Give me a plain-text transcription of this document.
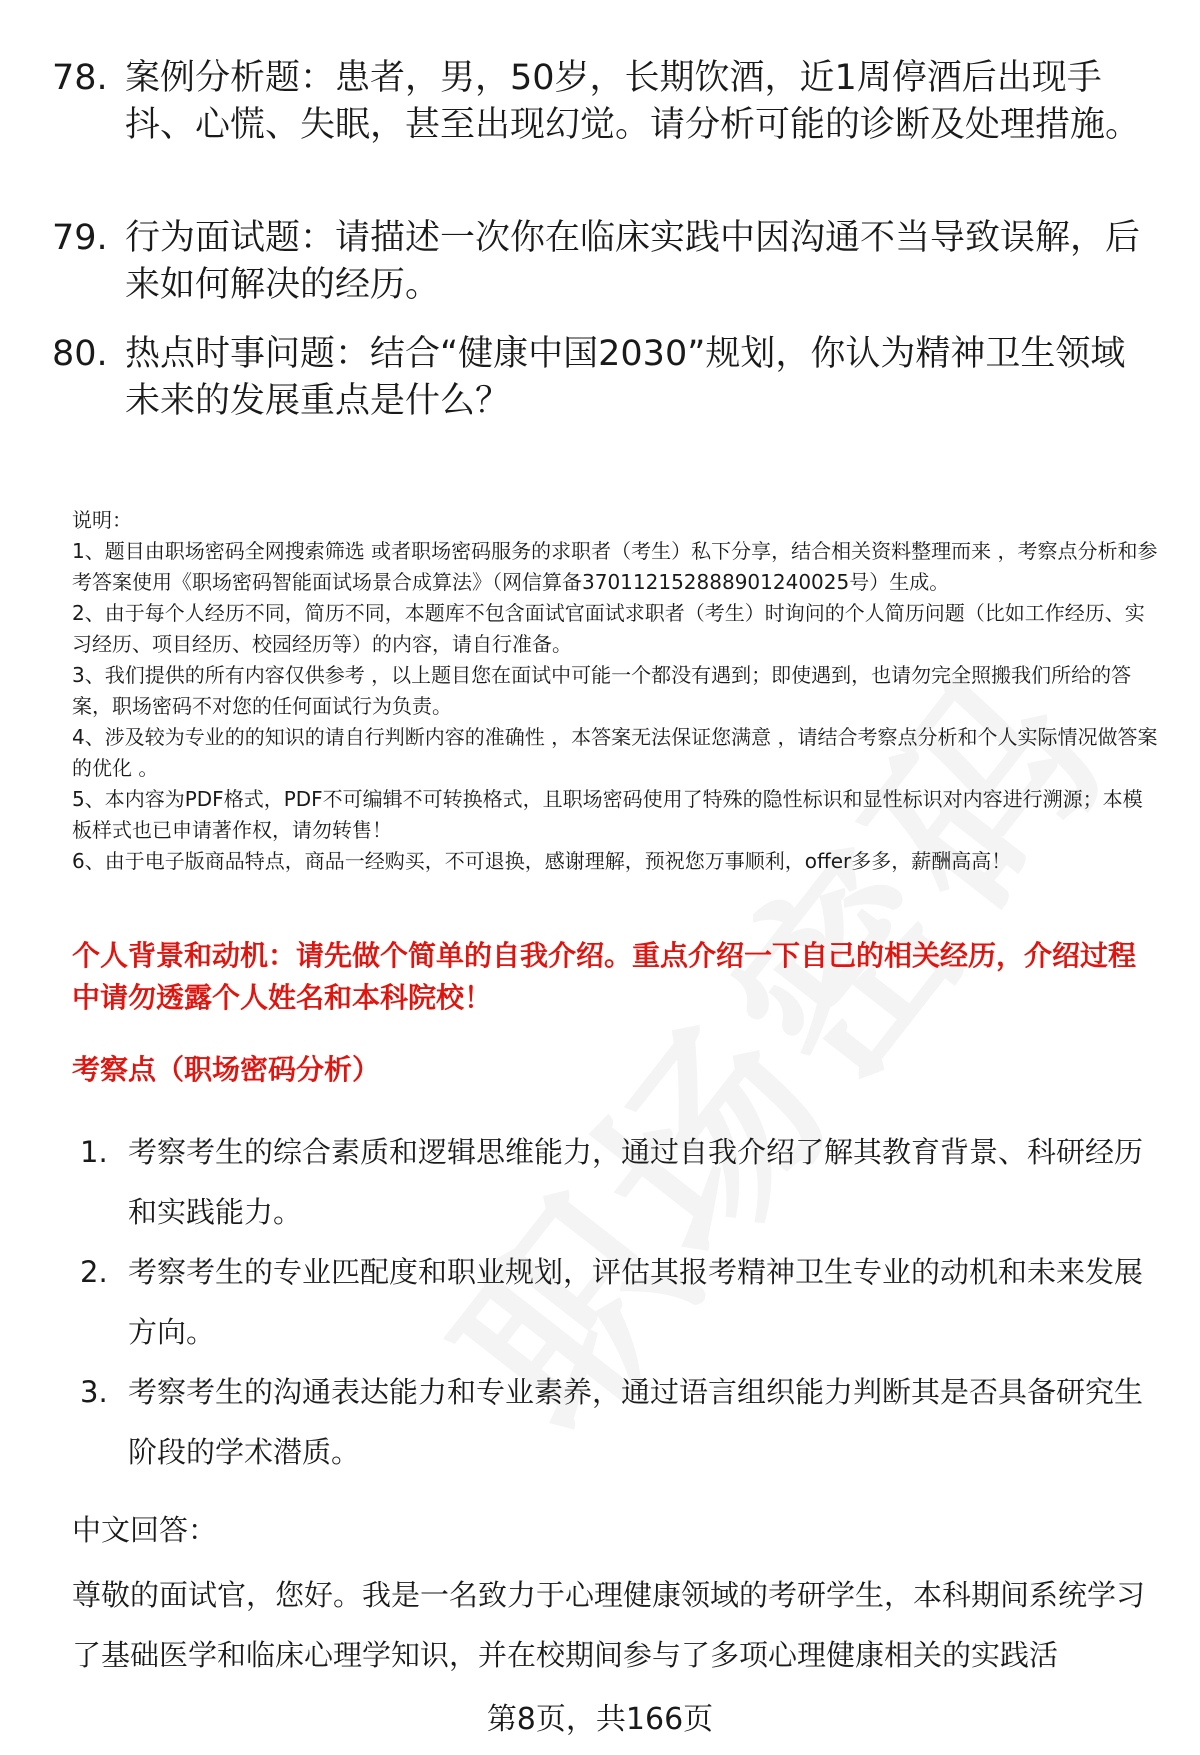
78. 案例分析题：患者，男，50岁，长期饮酒，近1周停酒后出现手抖、心慌、失眠，甚至出现幻觉。请分析可能的诊断及处理措施。
79. 行为面试题：请描述一次你在临床实践中因沟通不当导致误解，后来如何解决的经历。
80. 热点时事问题：结合“健康中国2030”规划，你认为精神卫生领域未来的发展重点是什么？
说明：
1、题目由职场密码全网搜索筛选 或者职场密码服务的求职者（考生）私下分享，结合相关资料整理而来 ，考察点分析和参考答案使用《职场密码智能面试场景合成算法》（网信算备370112152888901240025号）生成。
2、由于每个人经历不同，简历不同，本题库不包含面试官面试求职者（考生）时询问的个人简历问题（比如工作经历、实习经历、项目经历、校园经历等）的内容，请自行准备。
3、我们提供的所有内容仅供参考 ，以上题目您在面试中可能一个都没有遇到；即使遇到，也请勿完全照搬我们所给的答案，职场密码不对您的任何面试行为负责。
4、涉及较为专业的的知识的请自行判断内容的准确性 ，本答案无法保证您满意 ，请结合考察点分析和个人实际情况做答案的优化 。
5、本内容为PDF格式，PDF不可编辑不可转换格式，且职场密码使用了特殊的隐性标识和显性标识对内容进行溯源；本模板样式也已申请著作权，请勿转售！
6、由于电子版商品特点，商品一经购买，不可退换，感谢理解，预祝您万事顺利，offer多多，薪酬高高！
个人背景和动机：请先做个简单的自我介绍。重点介绍一下自己的相关经历，介绍过程中请勿透露个人姓名和本科院校！
考察点（职场密码分析）
1. 考察考生的综合素质和逻辑思维能力，通过自我介绍了解其教育背景、科研经历和实践能力。
2. 考察考生的专业匹配度和职业规划，评估其报考精神卫生专业的动机和未来发展方向。
3. 考察考生的沟通表达能力和专业素养，通过语言组织能力判断其是否具备研究生阶段的学术潜质。
中文回答：
尊敬的面试官，您好。我是一名致力于心理健康领域的考研学生，本科期间系统学习了基础医学和临床心理学知识，并在校期间参与了多项心理健康相关的实践活
第8页，共166页
